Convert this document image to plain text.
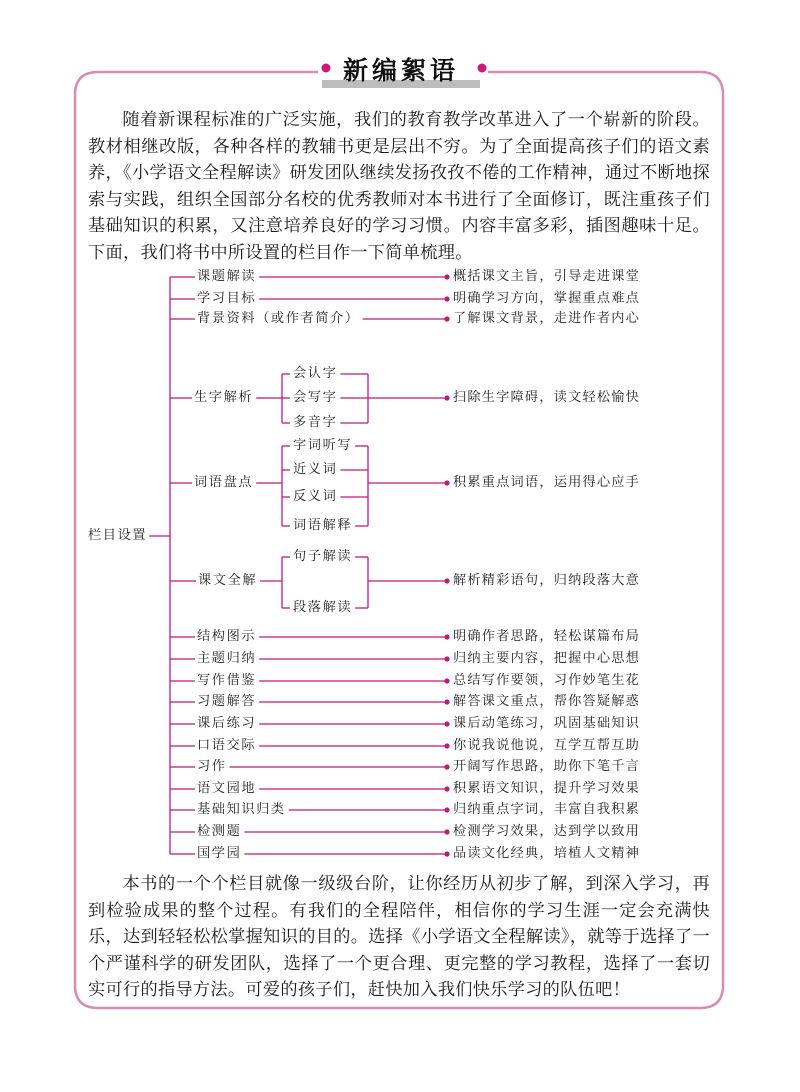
新编絮语

随着新课程标准的广泛实施，我们的教育教学改革进入了一个崭新的阶段。教材相继改版，各种各样的教辅书更是层出不穷。为了全面提高孩子们的语文素养，《小学语文全程解读》研发团队继续发扬孜孜不倦的工作精神，通过不断地探索与实践，组织全国部分名校的优秀教师对本书进行了全面修订，既注重孩子们基础知识的积累，又注意培养良好的学习习惯。内容丰富多彩，插图趣味十足。下面，我们将书中所设置的栏目作一下简单梳理。

栏目设置
课题解读	概括课文主旨，引导走进课堂
学习目标	明确学习方向，掌握重点难点
背景资料（或作者简介）	了解课文背景，走进作者内心
生字解析
会认字
会写字
多音字
扫除生字障碍，读文轻松愉快
词语盘点
字词听写
近义词
反义词
词语解释
积累重点词语，运用得心应手
课文全解
句子解读
段落解读
解析精彩语句，归纳段落大意
结构图示	明确作者思路，轻松谋篇布局
主题归纳	归纳主要内容，把握中心思想
写作借鉴	总结写作要领，习作妙笔生花
习题解答	解答课文重点，帮你答疑解惑
课后练习	课后动笔练习，巩固基础知识
口语交际	你说我说他说，互学互帮互助
习作	开阔写作思路，助你下笔千言
语文园地	积累语文知识，提升学习效果
基础知识归类	归纳重点字词，丰富自我积累
检测题	检测学习效果，达到学以致用
国学园	品读文化经典，培植人文精神

本书的一个个栏目就像一级级台阶，让你经历从初步了解，到深入学习，再到检验成果的整个过程。有我们的全程陪伴，相信你的学习生涯一定会充满快乐，达到轻轻松松掌握知识的目的。选择《小学语文全程解读》，就等于选择了一个严谨科学的研发团队，选择了一个更合理、更完整的学习教程，选择了一套切实可行的指导方法。可爱的孩子们，赶快加入我们快乐学习的队伍吧！
